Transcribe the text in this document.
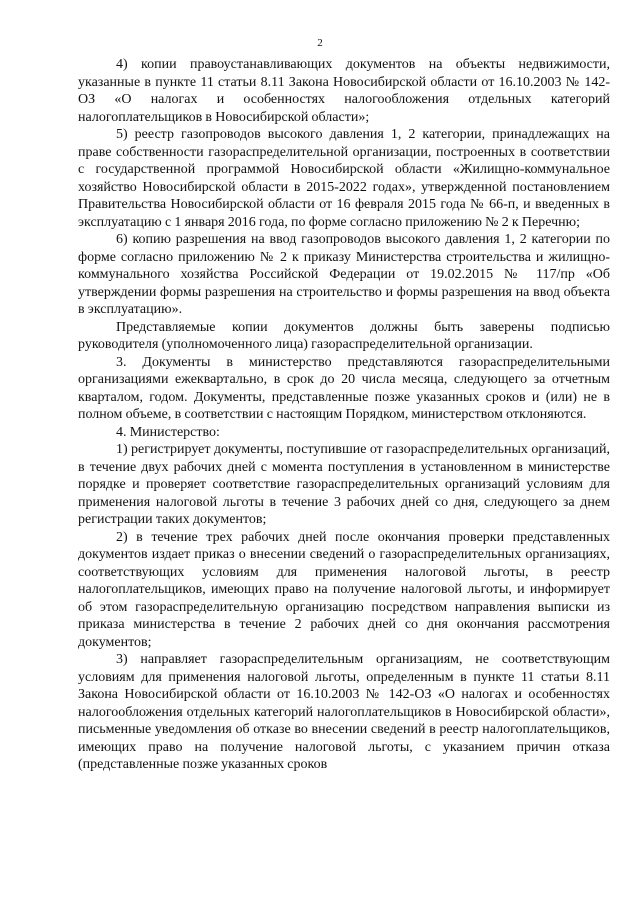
2

4) копии правоустанавливающих документов на объекты недвижимости, указанные в пункте 11 статьи 8.11 Закона Новосибирской области от 16.10.2003 № 142-ОЗ «О налогах и особенностях налогообложения отдельных категорий налогоплательщиков в Новосибирской области»;

5) реестр газопроводов высокого давления 1, 2 категории, принадлежащих на праве собственности газораспределительной организации, построенных в соответствии с государственной программой Новосибирской области «Жилищно-коммунальное хозяйство Новосибирской области в 2015-2022 годах», утвержденной постановлением Правительства Новосибирской области от 16 февраля 2015 года № 66-п, и введенных в эксплуатацию с 1 января 2016 года, по форме согласно приложению № 2 к Перечню;

6) копию разрешения на ввод газопроводов высокого давления 1, 2 категории по форме согласно приложению № 2 к приказу Министерства строительства и жилищно-коммунального хозяйства Российской Федерации от 19.02.2015 № 117/пр «Об утверждении формы разрешения на строительство и формы разрешения на ввод объекта в эксплуатацию».

Представляемые копии документов должны быть заверены подписью руководителя (уполномоченного лица) газораспределительной организации.

3. Документы в министерство представляются газораспределительными организациями ежеквартально, в срок до 20 числа месяца, следующего за отчетным кварталом, годом. Документы, представленные позже указанных сроков и (или) не в полном объеме, в соответствии с настоящим Порядком, министерством отклоняются.

4. Министерство:

1) регистрирует документы, поступившие от газораспределительных организаций, в течение двух рабочих дней с момента поступления в установленном в министерстве порядке и проверяет соответствие газораспределительных организаций условиям для применения налоговой льготы в течение 3 рабочих дней со дня, следующего за днем регистрации таких документов;

2) в течение трех рабочих дней после окончания проверки представленных документов издает приказ о внесении сведений о газораспределительных организациях, соответствующих условиям для применения налоговой льготы, в реестр налогоплательщиков, имеющих право на получение налоговой льготы, и информирует об этом газораспределительную организацию посредством направления выписки из приказа министерства в течение 2 рабочих дней со дня окончания рассмотрения документов;

3) направляет газораспределительным организациям, не соответствующим условиям для применения налоговой льготы, определенным в пункте 11 статьи 8.11 Закона Новосибирской области от 16.10.2003 № 142-ОЗ «О налогах и особенностях налогообложения отдельных категорий налогоплательщиков в Новосибирской области», письменные уведомления об отказе во внесении сведений в реестр налогоплательщиков, имеющих право на получение налоговой льготы, с указанием причин отказа (представленные позже указанных сроков
